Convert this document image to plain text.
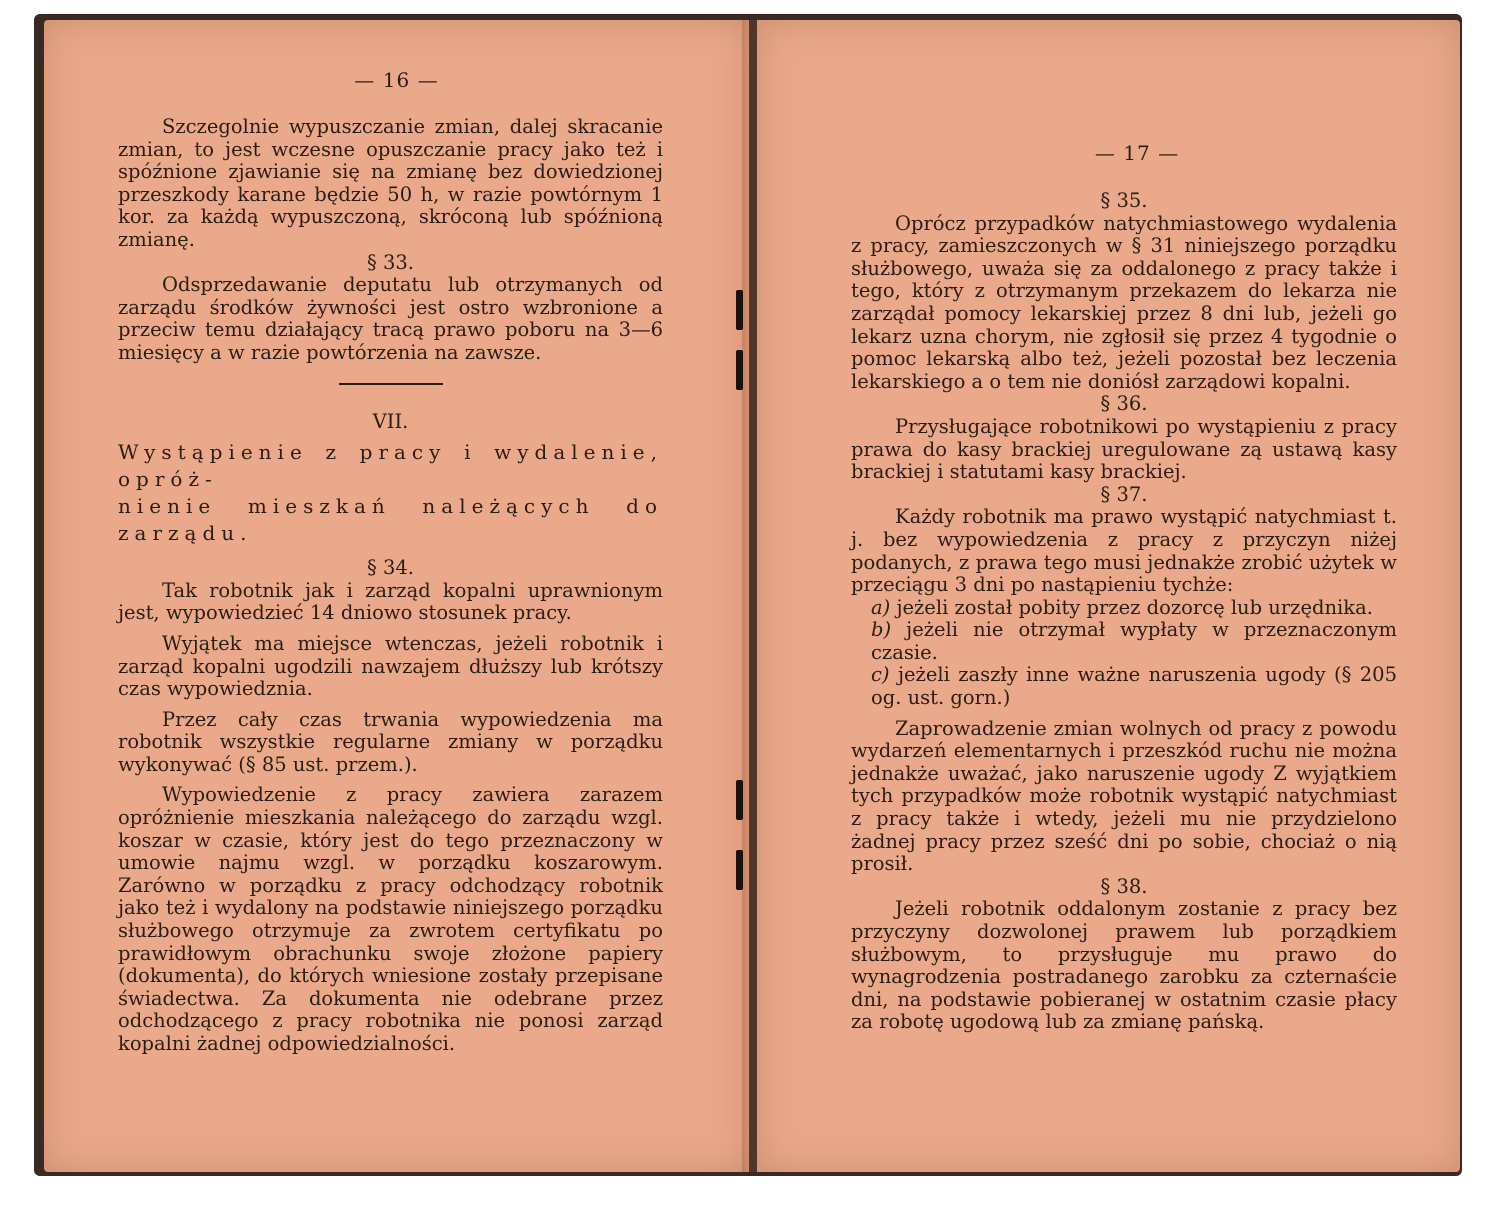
— 16 —

Szczegolnie wypuszczanie zmian, dalej skracanie zmian, to jest wczesne opuszczanie pracy jako też i spóźnione zjawianie się na zmianę bez dowiedzionej przeszkody karane będzie 50 h, w razie powtórnym 1 kor. za każdą wypuszczoną, skróconą lub spóźnioną zmianę.

§ 33.

Odsprzedawanie deputatu lub otrzymanych od zarządu środków żywności jest ostro wzbronione a przeciw temu działający tracą prawo poboru na 3—6 miesięcy a w razie powtórzenia na zawsze.

VII.

Wystąpienie z pracy i wydalenie, opróż-

nienie mieszkań należących do zarządu.

§ 34.

Tak robotnik jak i zarząd kopalni uprawnionym jest, wypowiedzieć 14 dniowo stosunek pracy.

Wyjątek ma miejsce wtenczas, jeżeli robotnik i zarząd kopalni ugodzili nawzajem dłuższy lub krótszy czas wypowiedznia.

Przez cały czas trwania wypowiedzenia ma robotnik wszystkie regularne zmiany w porządku wykonywać (§ 85 ust. przem.).

Wypowiedzenie z pracy zawiera zarazem opróżnienie mieszkania należącego do zarządu wzgl. koszar w czasie, który jest do tego przeznaczony w umowie najmu wzgl. w porządku koszarowym. Zarówno w porządku z pracy odchodzący robotnik jako też i wydalony na podstawie niniejszego porządku służbowego otrzymuje za zwrotem certyfikatu po prawidłowym obrachunku swoje złożone papiery (dokumenta), do których wniesione zostały przepisane świadectwa. Za dokumenta nie odebrane przez odchodzącego z pracy robotnika nie ponosi zarząd kopalni żadnej odpowiedzialności.

— 17 —

§ 35.

Oprócz przypadków natychmiastowego wydalenia z pracy, zamieszczonych w § 31 niniejszego porządku służbowego, uważa się za oddalonego z pracy także i tego, który z otrzymanym przekazem do lekarza nie zarządał pomocy lekarskiej przez 8 dni lub, jeżeli go lekarz uzna chorym, nie zgłosił się przez 4 tygodnie o pomoc lekarską albo też, jeżeli pozostał bez leczenia lekarskiego a o tem nie doniósł zarządowi kopalni.

§ 36.

Przysługające robotnikowi po wystąpieniu z pracy prawa do kasy brackiej uregulowane zą ustawą kasy brackiej i statutami kasy brackiej.

§ 37.

Każdy robotnik ma prawo wystąpić natychmiast t. j. bez wypowiedzenia z pracy z przyczyn niżej podanych, z prawa tego musi jednakże zrobić użytek w przeciągu 3 dni po nastąpieniu tychże:

a) jeżeli został pobity przez dozorcę lub urzędnika.

b) jeżeli nie otrzymał wypłaty w przeznaczonym czasie.

c) jeżeli zaszły inne ważne naruszenia ugody (§ 205 og. ust. gorn.)

Zaprowadzenie zmian wolnych od pracy z powodu wydarzeń elementarnych i przeszkód ruchu nie można jednakże uważać, jako naruszenie ugody Z wyjątkiem tych przypadków może robotnik wystąpić natychmiast z pracy także i wtedy, jeżeli mu nie przydzielono żadnej pracy przez sześć dni po sobie, chociaż o nią prosił.

§ 38.

Jeżeli robotnik oddalonym zostanie z pracy bez przyczyny dozwolonej prawem lub porządkiem służbowym, to przysługuje mu prawo do wynagrodzenia postradanego zarobku za czternaście dni, na podstawie pobieranej w ostatnim czasie płacy za robotę ugodową lub za zmianę pańską.
